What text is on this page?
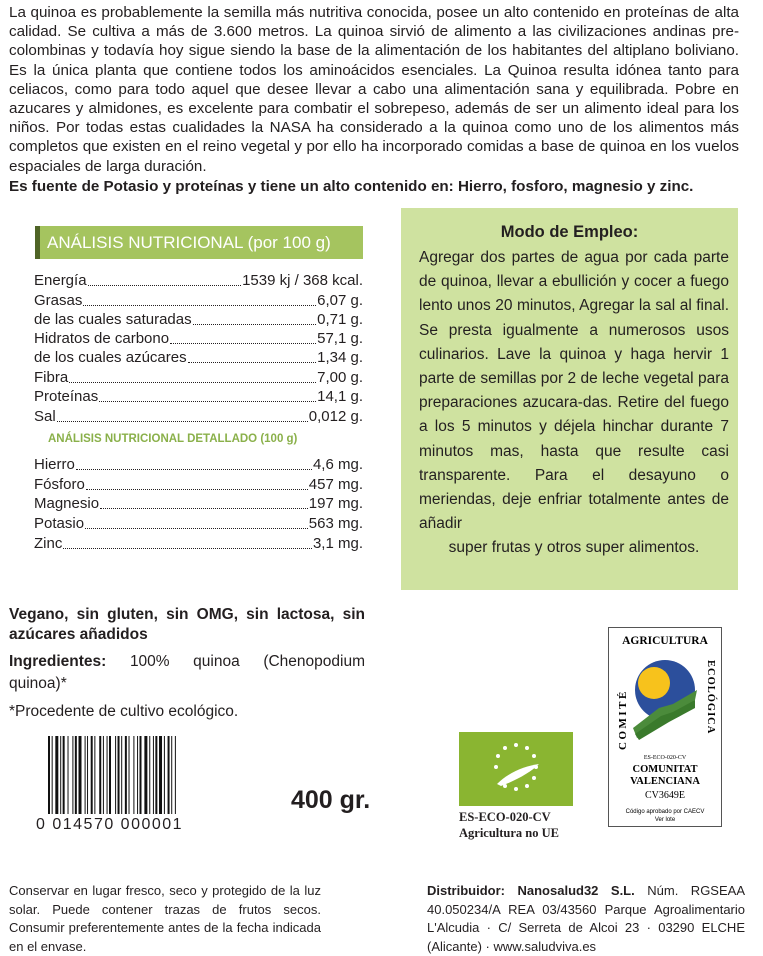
La quinoa es probablemente la semilla más nutritiva conocida, posee un alto contenido en proteínas de alta calidad. Se cultiva a más de 3.600 metros. La quinoa sirvió de alimento a las civilizaciones andinas pre-colombinas y todavía hoy sigue siendo la base de la alimentación de los habitantes del altiplano boliviano. Es la única planta que contiene todos los aminoácidos esenciales. La Quinoa resulta idónea tanto para celiacos, como para todo aquel que desee llevar a cabo una alimentación sana y equilibrada. Pobre en azucares y almidones, es excelente para combatir el sobrepeso, además de ser un alimento ideal para los niños. Por todas estas cualidades la NASA ha considerado a la quinoa como uno de los alimentos más completos que existen en el reino vegetal y por ello ha incorporado comidas a base de quinoa en los vuelos espaciales de larga duración.
Es fuente de Potasio y proteínas y tiene un alto contenido en: Hierro, fosforo, magnesio y zinc.
ANÁLISIS NUTRICIONAL (por 100 g)
Energía	1539 kj / 368 kcal.
Grasas	6,07 g.
de las cuales saturadas	0,71 g.
Hidratos de carbono	57,1 g.
de los cuales azúcares	1,34 g.
Fibra	7,00 g.
Proteínas	14,1 g.
Sal	0,012 g.
ANÁLISIS NUTRICIONAL DETALLADO (100 g)
Hierro	4,6 mg.
Fósforo	457 mg.
Magnesio	197 mg.
Potasio	563 mg.
Zinc	3,1 mg.
Modo de Empleo:
Agregar dos partes de agua por cada parte de quinoa, llevar a ebullición y cocer a fuego lento unos 20 minutos, Agregar la sal al final. Se presta igualmente a numerosos usos culinarios. Lave la quinoa y haga hervir 1 parte de semillas por 2 de leche vegetal para preparaciones azucara-das. Retire del fuego a los 5 minutos y déjela hinchar durante 7 minutos mas, hasta que resulte casi transparente. Para el desayuno o meriendas, deje enfriar totalmente antes de añadir
super frutas y otros super alimentos.
Vegano, sin gluten, sin OMG, sin lactosa, sin azúcares añadidos
Ingredientes: 100% quinoa (Chenopodium quinoa)*
*Procedente de cultivo ecológico.
0 014570 000001
400 gr.
ES-ECO-020-CV
Agricultura no UE
AGRICULTURA
COMITÉ	ECOLÓGICA
ES-ECO-020-CV
COMUNITAT
VALENCIANA
CV3649E
Código aprobado por CAECV
Ver lote
Conservar en lugar fresco, seco y protegido de la luz solar. Puede contener trazas de frutos secos. Consumir preferentemente antes de la fecha indicada en el envase.
Distribuidor: Nanosalud32 S.L. Núm. RGSEAA 40.050234/A REA 03/43560 Parque Agroalimentario L'Alcudia · C/ Serreta de Alcoi 23 · 03290 ELCHE (Alicante) · www.saludviva.es
